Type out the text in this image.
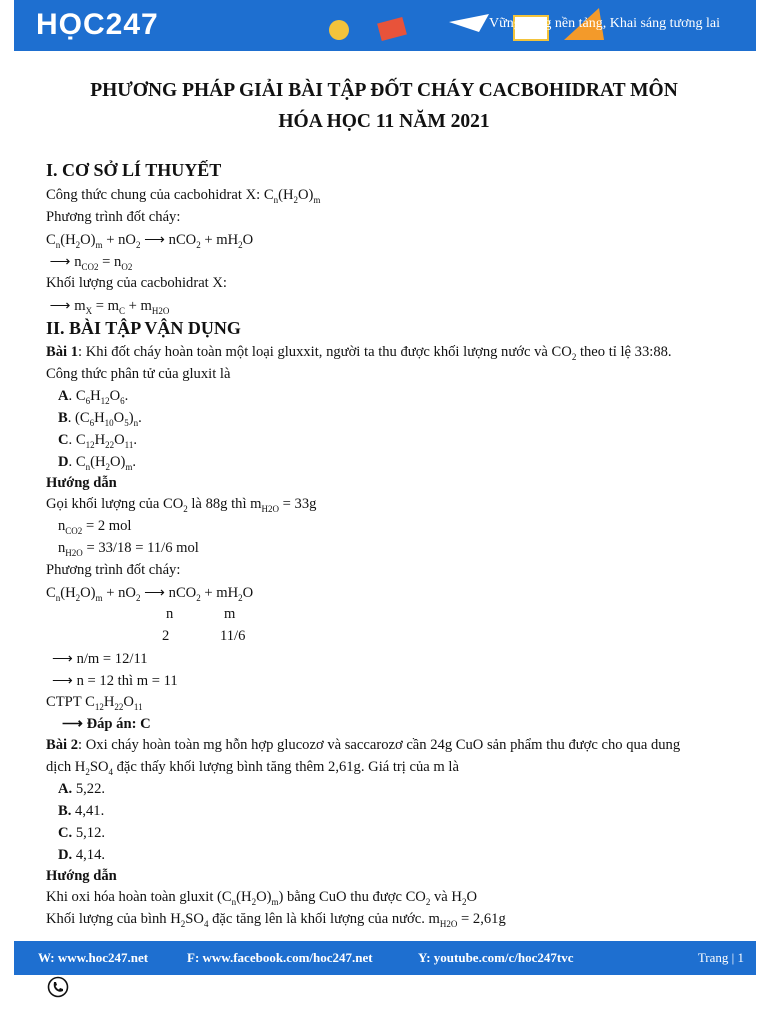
HỌC247	Vững vàng nền tảng, Khai sáng tương lai
PHƯƠNG PHÁP GIẢI BÀI TẬP ĐỐT CHÁY CACBOHIDRAT MÔN
HÓA HỌC 11 NĂM 2021
I. CƠ SỞ LÍ THUYẾT
Công thức chung của cacbohidrat X: $C_n(H_2O)_m$
Phương trình đốt cháy:
$C_n(H_2O)_m + nO_2$ ⟶ $nCO_2 + mH_2O$
⟶ $n_{CO2} = n_{O2}$
Khối lượng của cacbohidrat X:
⟶ $m_X = m_C + m_{H2O}$
II. BÀI TẬP VẬN DỤNG
Bài 1: Khi đốt cháy hoàn toàn một loại gluxxit, người ta thu được khối lượng nước và $CO_2$ theo tỉ lệ 33:88.
Công thức phân tử của gluxit là
A. $C_6H_{12}O_6$.
B. $(C_6H_{10}O_5)_n$.
C. $C_{12}H_{22}O_{11}$.
D. $C_n(H_2O)_m$.
Hướng dẫn
Gọi khối lượng của $CO_2$ là 88g thì $m_{H2O} = 33g$
$n_{CO2} = 2$ mol
$n_{H2O} = 33/18 = 11/6$ mol
Phương trình đốt cháy:
$C_n(H_2O)_m + nO_2$ ⟶ $nCO_2 + mH_2O$
n	m
2	11/6
⟶ n/m = 12/11
⟶ n = 12 thì m = 11
CTPT $C_{12}H_{22}O_{11}$
⟶ Đáp án: C
Bài 2: Oxi cháy hoàn toàn mg hỗn hợp glucozơ và saccarozơ cần 24g CuO sản phẩm thu được cho qua dung
dịch $H_2SO_4$ đặc thấy khối lượng bình tăng thêm 2,61g. Giá trị của m là
A. 5,22.
B. 4,41.
C. 5,12.
D. 4,14.
Hướng dẫn
Khi oxi hóa hoàn toàn gluxit $(C_n(H_2O)_m)$ bằng CuO thu được $CO_2$ và $H_2O$
Khối lượng của bình $H_2SO_4$ đặc tăng lên là khối lượng của nước. $m_{H2O} = 2,61g$
W: www.hoc247.net	F: www.facebook.com/hoc247.net	Y: youtube.com/c/hoc247tvc	Trang | 1
